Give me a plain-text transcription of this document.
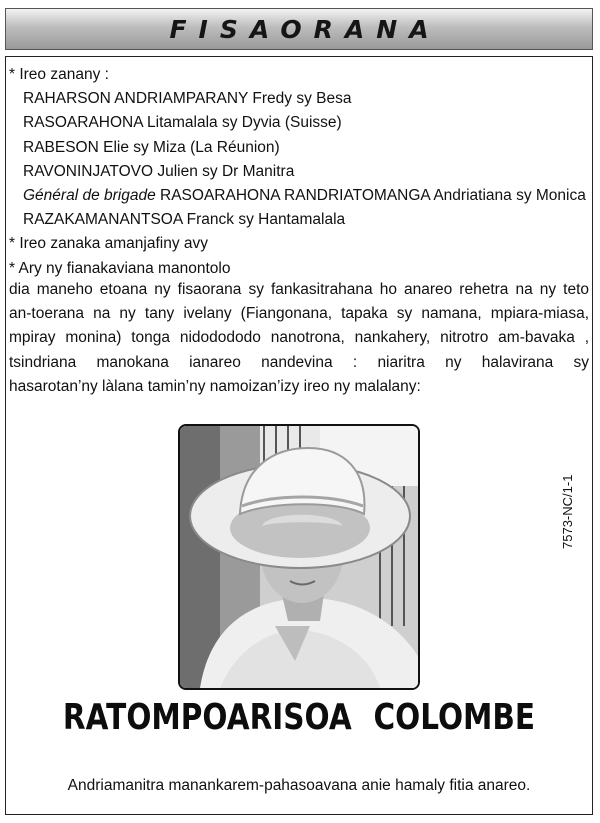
FISAORANA
* Ireo zanany :
RAHARSON ANDRIAMPARANY Fredy sy Besa
RASOARAHONA Litamalala sy Dyvia (Suisse)
RABESON Elie sy Miza (La Réunion)
RAVONINJATOVO Julien sy Dr Manitra
Général de brigade RASOARAHONA RANDRIATOMANGA Andriatiana sy Monica
RAZAKAMANANTSOA Franck sy Hantamalala
* Ireo zanaka amanjafiny avy
* Ary ny fianakaviana manontolo
dia maneho etoana ny fisaorana sy fankasitrahana ho anareo rehetra na ny teto
an-toerana na ny tany ivelany (Fiangonana, tapaka sy namana, mpiara-miasa,
mpiray monina) tonga nidodododo nanotrona, nankahery, nitrotro am-bavaka ,
tsindriana manokana ianareo nandevina : niaritra ny halavirana sy
hasarotan’ny làlana tamin’ny namoizan’izy ireo ny malalany:
7573-NC/1-1
RATOMPOARISOA COLOMBE
Andriamanitra manankarem-pahasoavana anie hamaly fitia anareo.
